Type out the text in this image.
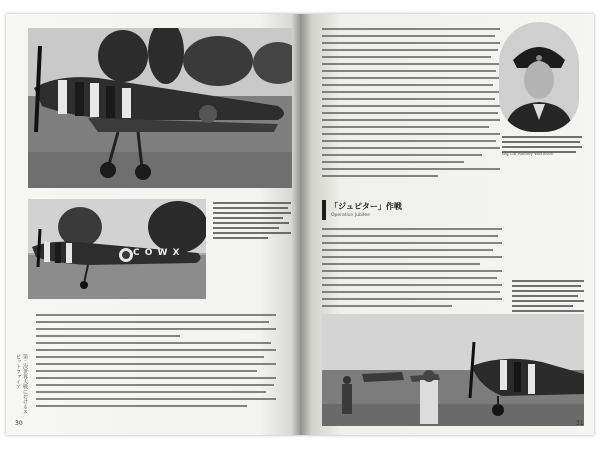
C O W X
第二次世界大戦におけるスピットファイア
30
Wg Cdr Rodney Wilkinson
「ジュピター」作戦
Operation Jubilee
31
